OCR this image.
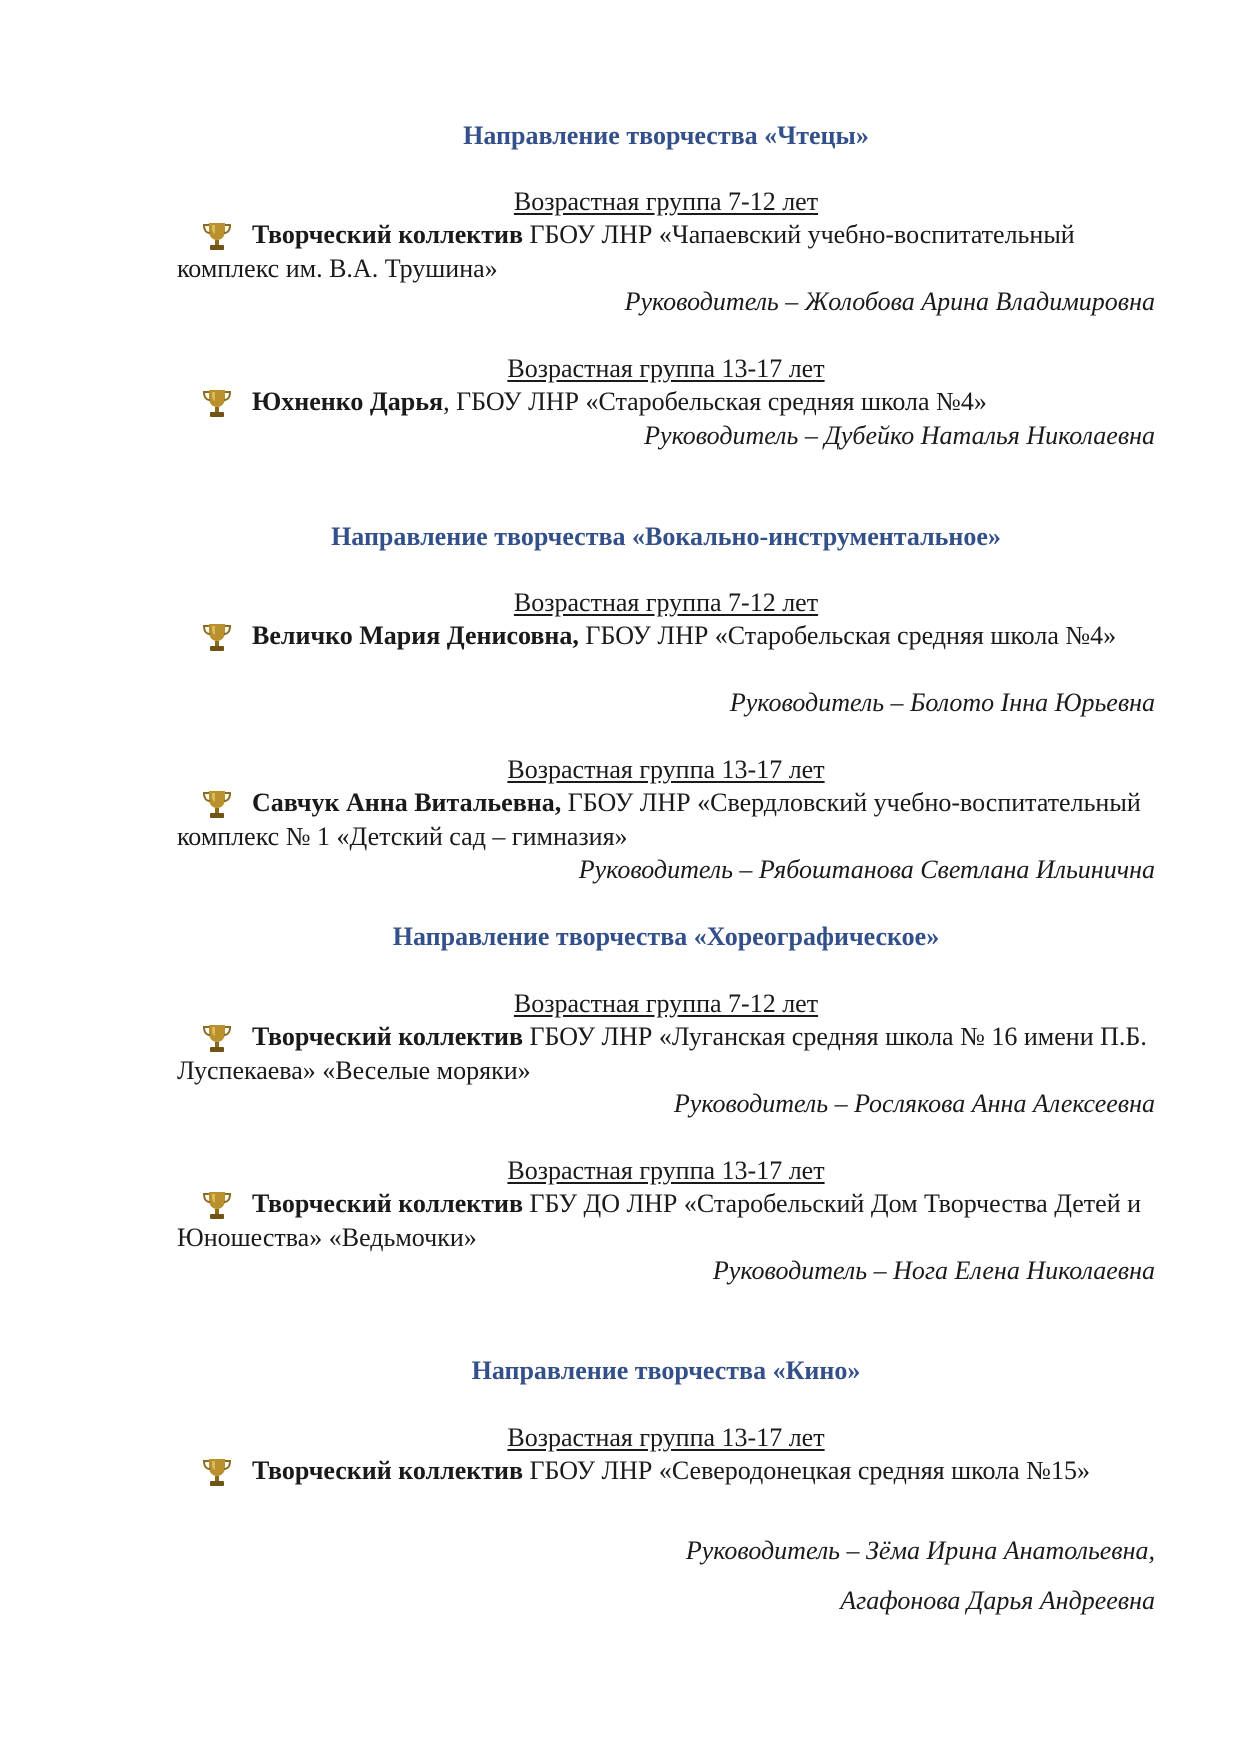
Направление творчества «Чтецы»
Возрастная группа 7-12 лет
Творческий коллектив ГБОУ ЛНР «Чапаевский учебно-воспитательный комплекс им. В.А. Трушина»
Руководитель – Жолобова Арина Владимировна
Возрастная группа 13-17 лет
Юхненко Дарья, ГБОУ ЛНР «Старобельская средняя школа №4»
Руководитель – Дубейко Наталья Николаевна
Направление творчества «Вокально-инструментальное»
Возрастная группа 7-12 лет
Величко Мария Денисовна, ГБОУ ЛНР «Старобельская средняя школа №4»
Руководитель – Болото Інна Юрьевна
Возрастная группа 13-17 лет
Савчук Анна Витальевна, ГБОУ ЛНР «Свердловский учебно-воспитательный комплекс № 1 «Детский сад – гимназия»
Руководитель – Рябоштанова Светлана Ильинична
Направление творчества «Хореографическое»
Возрастная группа 7-12 лет
Творческий коллектив ГБОУ ЛНР «Луганская средняя школа № 16 имени П.Б. Луспекаева» «Веселые моряки»
Руководитель – Рослякова Анна Алексеевна
Возрастная группа 13-17 лет
Творческий коллектив ГБУ ДО ЛНР «Старобельский Дом Творчества Детей и Юношества» «Ведьмочки»
Руководитель – Нога Елена Николаевна
Направление творчества «Кино»
Возрастная группа 13-17 лет
Творческий коллектив ГБОУ ЛНР «Северодонецкая средняя школа №15»
Руководитель – Зёма Ирина Анатольевна,
Агафонова Дарья Андреевна
